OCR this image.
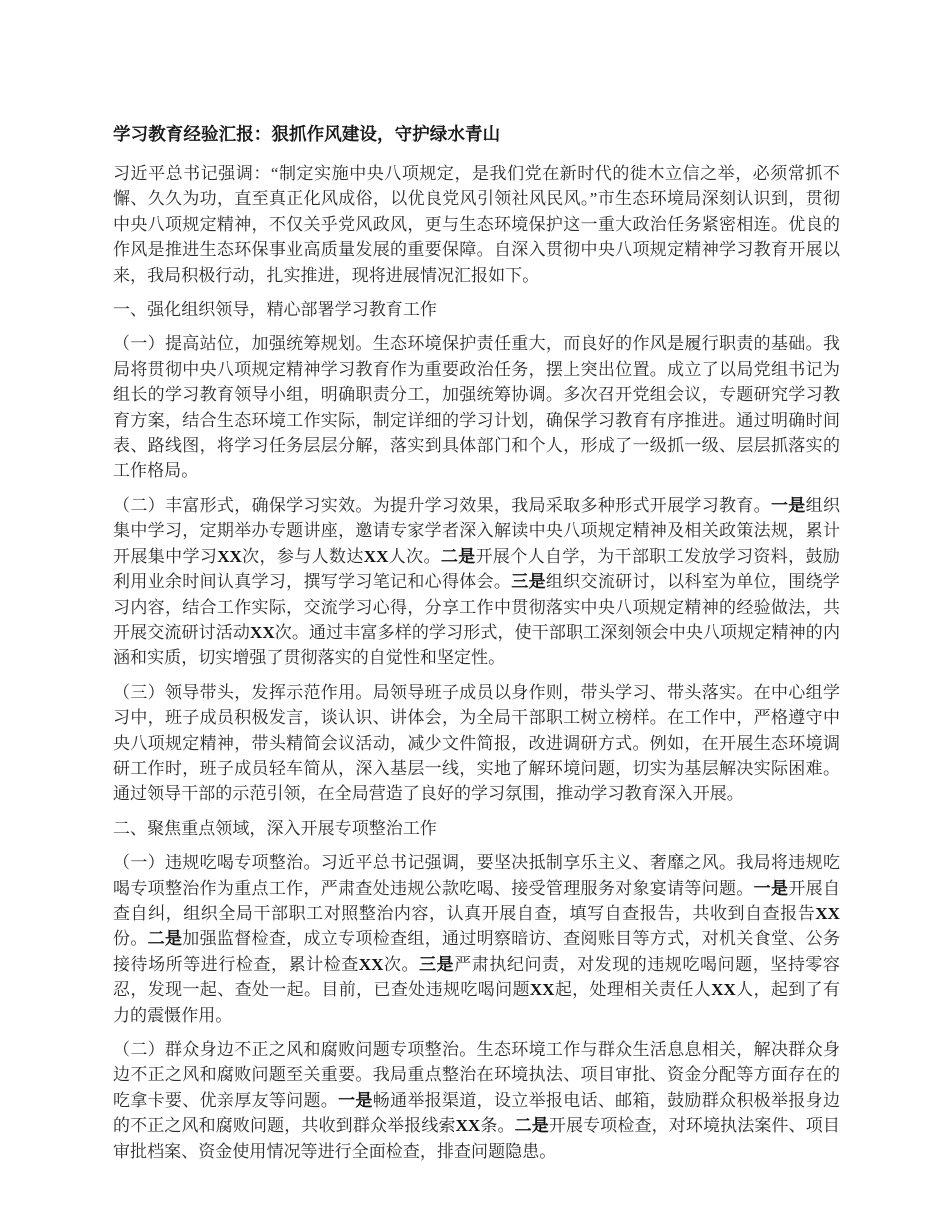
学习教育经验汇报：狠抓作风建设，守护绿水青山

习近平总书记强调：“制定实施中央八项规定，是我们党在新时代的徙木立信之举，必须常抓不懈、久久为功，直至真正化风成俗，以优良党风引领社风民风。”市生态环境局深刻认识到，贯彻中央八项规定精神，不仅关乎党风政风，更与生态环境保护这一重大政治任务紧密相连。优良的作风是推进生态环保事业高质量发展的重要保障。自深入贯彻中央八项规定精神学习教育开展以来，我局积极行动，扎实推进，现将进展情况汇报如下。

一、强化组织领导，精心部署学习教育工作

（一）提高站位，加强统筹规划。生态环境保护责任重大，而良好的作风是履行职责的基础。我局将贯彻中央八项规定精神学习教育作为重要政治任务，摆上突出位置。成立了以局党组书记为组长的学习教育领导小组，明确职责分工，加强统筹协调。多次召开党组会议，专题研究学习教育方案，结合生态环境工作实际，制定详细的学习计划，确保学习教育有序推进。通过明确时间表、路线图，将学习任务层层分解，落实到具体部门和个人，形成了一级抓一级、层层抓落实的工作格局。

（二）丰富形式，确保学习实效。为提升学习效果，我局采取多种形式开展学习教育。一是组织集中学习，定期举办专题讲座，邀请专家学者深入解读中央八项规定精神及相关政策法规，累计开展集中学习XX次，参与人数达XX人次。二是开展个人自学，为干部职工发放学习资料，鼓励利用业余时间认真学习，撰写学习笔记和心得体会。三是组织交流研讨，以科室为单位，围绕学习内容，结合工作实际，交流学习心得，分享工作中贯彻落实中央八项规定精神的经验做法，共开展交流研讨活动XX次。通过丰富多样的学习形式，使干部职工深刻领会中央八项规定精神的内涵和实质，切实增强了贯彻落实的自觉性和坚定性。

（三）领导带头，发挥示范作用。局领导班子成员以身作则，带头学习、带头落实。在中心组学习中，班子成员积极发言，谈认识、讲体会，为全局干部职工树立榜样。在工作中，严格遵守中央八项规定精神，带头精简会议活动，减少文件简报，改进调研方式。例如，在开展生态环境调研工作时，班子成员轻车简从，深入基层一线，实地了解环境问题，切实为基层解决实际困难。通过领导干部的示范引领，在全局营造了良好的学习氛围，推动学习教育深入开展。

二、聚焦重点领域，深入开展专项整治工作

（一）违规吃喝专项整治。习近平总书记强调，要坚决抵制享乐主义、奢靡之风。我局将违规吃喝专项整治作为重点工作，严肃查处违规公款吃喝、接受管理服务对象宴请等问题。一是开展自查自纠，组织全局干部职工对照整治内容，认真开展自查，填写自查报告，共收到自查报告XX份。二是加强监督检查，成立专项检查组，通过明察暗访、查阅账目等方式，对机关食堂、公务接待场所等进行检查，累计检查XX次。三是严肃执纪问责，对发现的违规吃喝问题，坚持零容忍，发现一起、查处一起。目前，已查处违规吃喝问题XX起，处理相关责任人XX人，起到了有力的震慑作用。

（二）群众身边不正之风和腐败问题专项整治。生态环境工作与群众生活息息相关，解决群众身边不正之风和腐败问题至关重要。我局重点整治在环境执法、项目审批、资金分配等方面存在的吃拿卡要、优亲厚友等问题。一是畅通举报渠道，设立举报电话、邮箱，鼓励群众积极举报身边的不正之风和腐败问题，共收到群众举报线索XX条。二是开展专项检查，对环境执法案件、项目审批档案、资金使用情况等进行全面检查，排查问题隐患。
